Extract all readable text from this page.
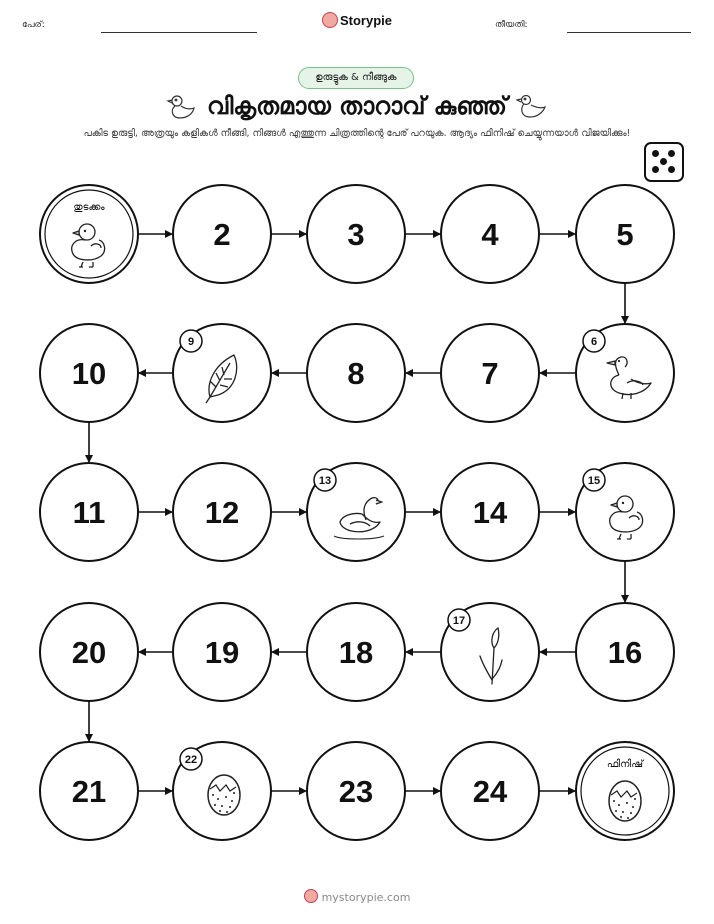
പേര്:	Storypie	തീയതി:
ഉരുട്ടുക & നീങ്ങുക
വികൃതമായ താറാവ് കുഞ്ഞ്
പകിട ഉരുട്ടി, അത്രയും കളികൾ നീങ്ങി, നിങ്ങൾ എത്തുന്ന ചിത്രത്തിന്റെ പേര് പറയുക. ആദ്യം ഫിനിഷ് ചെയ്യുന്നയാൾ വിജയിക്കും!
തുടക്കം
2	3	4	5
6
7
8
9
10
11	12
13
14
15
16
17
18
19
20
21
22
23	24
ഫിനിഷ്
mystorypie.com
